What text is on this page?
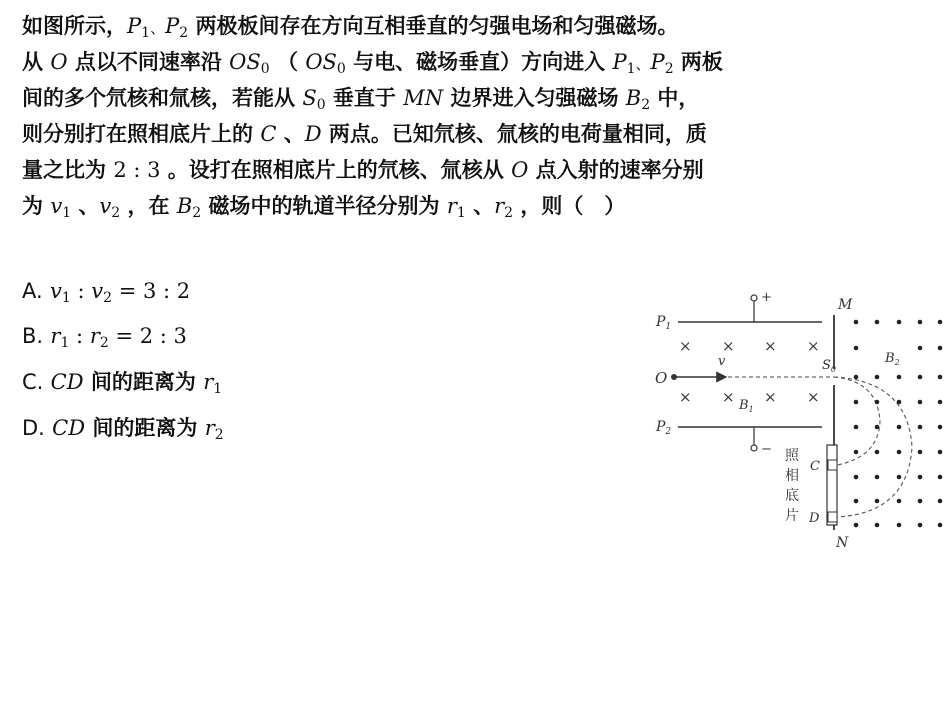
如图所示，$P_1$、$P_2$ 两极板间存在方向互相垂直的匀强电场和匀强磁场。
从 O 点以不同速率沿 $OS_0$ （ $OS_0$ 与电、磁场垂直）方向进入 $P_1$、$P_2$ 两板
间的多个氘核和氚核，若能从 $S_0$ 垂直于 MN 边界进入匀强磁场 $B_2$ 中，
则分别打在照相底片上的 C 、D 两点。已知氘核、氚核的电荷量相同，质
量之比为 2 : 3 。设打在照相底片上的氘核、氚核从 O 点入射的速率分别
为 $v_1$ 、$v_2$ ，在 $B_2$ 磁场中的轨道半径分别为 $r_1$ 、$r_2$ ，则（　）
A. $v_1$ : $v_2 = 3$ : 2
B. $r_1$ : $r_2 = 2$ : 3
C. CD 间的距离为 $r_1$
D. CD 间的距离为 $r_2$
+
−
$P_1$
$P_2$
× × × ×
× × × ×
O
v
$B_1$
$S_0$
M
N
C
D
照
相
底
片
$B_2$
